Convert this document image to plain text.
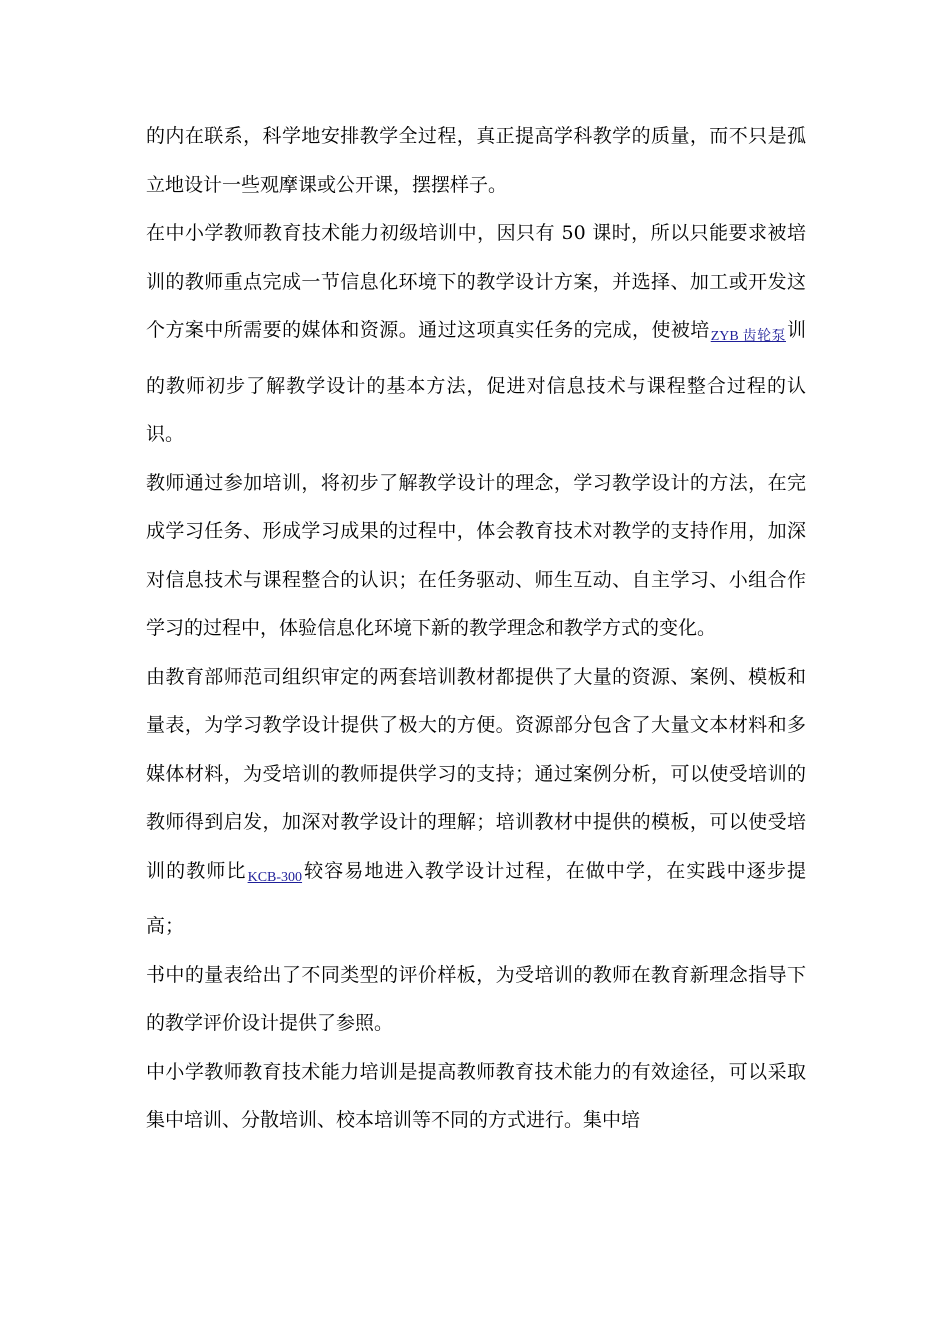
的内在联系，科学地安排教学全过程，真正提高学科教学的质量，而不只是孤立地设计一些观摩课或公开课，摆摆样子。

在中小学教师教育技术能力初级培训中，因只有 50 课时，所以只能要求被培训的教师重点完成一节信息化环境下的教学设计方案，并选择、加工或开发这个方案中所需要的媒体和资源。通过这项真实任务的完成，使被培$_{ZYB 齿轮泵}$训的教师初步了解教学设计的基本方法，促进对信息技术与课程整合过程的认识。

教师通过参加培训，将初步了解教学设计的理念，学习教学设计的方法，在完成学习任务、形成学习成果的过程中，体会教育技术对教学的支持作用，加深对信息技术与课程整合的认识；在任务驱动、师生互动、自主学习、小组合作学习的过程中，体验信息化环境下新的教学理念和教学方式的变化。

由教育部师范司组织审定的两套培训教材都提供了大量的资源、案例、模板和量表，为学习教学设计提供了极大的方便。资源部分包含了大量文本材料和多媒体材料，为受培训的教师提供学习的支持；通过案例分析，可以使受培训的教师得到启发，加深对教学设计的理解；培训教材中提供的模板，可以使受培训的教师比$_{KCB-300}$较容易地进入教学设计过程，在做中学，在实践中逐步提高；

书中的量表给出了不同类型的评价样板，为受培训的教师在教育新理念指导下的教学评价设计提供了参照。

中小学教师教育技术能力培训是提高教师教育技术能力的有效途径，可以采取集中培训、分散培训、校本培训等不同的方式进行。集中培
